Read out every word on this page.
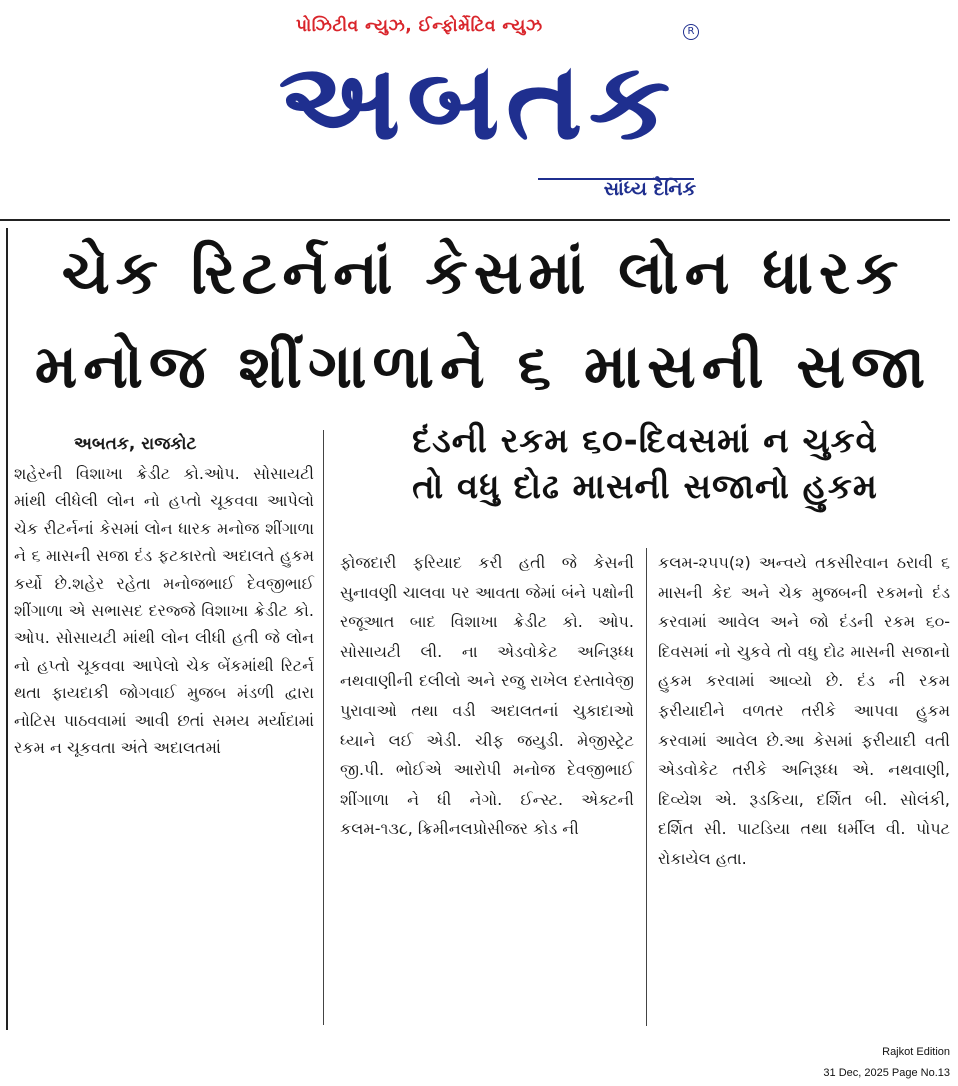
પોઝિટીવ ન્યુઝ, ઈન્ફોર્મેટિવ ન્યુઝ	R
અબતક
સાંધ્ય દૈનિક
ચેક રિટર્નનાં કેસમાં લોન ધારક
મનોજ શીંગાળાને ૬ માસની સજા
અબતક, રાજકોટ
શહેરની વિશાખા ક્રેડીટ કો.ઓપ. સોસાયટી માંથી લીધેલી લોન નો હપ્તો ચૂકવવા આપેલો ચેક રીટર્નનાં કેસમાં લોન ધારક મનોજ શીંગાળા ને ૬ માસની સજા દંડ ફટકારતો અદાલતે હુકમ કર્યો છે.શહેર રહેતા મનોજભાઈ દેવજીભાઈ શીંગાળા એ સભાસદ દરજ્જે વિશાખા ક્રેડીટ કો. ઓપ. સોસાયટી માંથી લોન લીધી હતી જે લોન નો હપ્તો ચૂકવવા આપેલો ચેક બેંકમાંથી રિટર્ન થતા ફાયદાકી જોગવાઈ મુજબ મંડળી દ્વારા નોટિસ પાઠવવામાં આવી છતાં સમય મર્યાદામાં રકમ ન ચૂકવતા અંતે અદાલતમાં
દંડની રકમ ૬૦-દિવસમાં ન ચુકવે
તો વધુ દોઢ માસની સજાનો હુકમ
ફોજદારી ફરિયાદ કરી હતી જે કેસની સુનાવણી ચાલવા પર આવતા જેમાં બંને પક્ષોની રજૂઆત બાદ વિશાખા ક્રેડીટ કો. ઓપ. સોસાયટી લી. ના એડવોકેટ અનિરૂધ્ધ નથવાણીની દલીલો અને રજુ રાખેલ દસ્તાવેજી પુરાવાઓ તથા વડી અદાલતનાં ચુકાદાઓ ધ્યાને લઈ એડી. ચીફ જયુડી. મેજીસ્ટ્રેટ જી.પી. ભોઈએ આરોપી મનોજ દેવજીભાઈ શીંગાળા ને ધી નેગો. ઈન્સ્ટ. એક્ટની કલમ-૧૩૮, ક્રિમીનલપ્રોસીજર કોડ ની
કલમ-૨૫૫(૨) અન્વયે તકસીરવાન ઠરાવી ૬ માસની કેદ અને ચેક મુજબની રકમનો દંડ કરવામાં આવેલ અને જો દંડની રકમ ૬૦-દિવસમાં નો ચુકવે તો વધુ દોઢ માસની સજાનો હુકમ કરવામાં આવ્યો છે. દંડ ની રકમ ફરીયાદીને વળતર તરીકે આપવા હુકમ કરવામાં આવેલ છે.આ કેસમાં ફરીયાદી વતી એડવોકેટ તરીકે અનિરૂધ્ધ એ. નથવાણી, દિવ્યેશ એ. રૂડકિયા, દર્શિત બી. સોલંકી, દર્શિત સી. પાટડિયા તથા ધર્મીલ વી. પોપટ રોકાયેલ હતા.
Rajkot Edition
31 Dec, 2025 Page No.13
